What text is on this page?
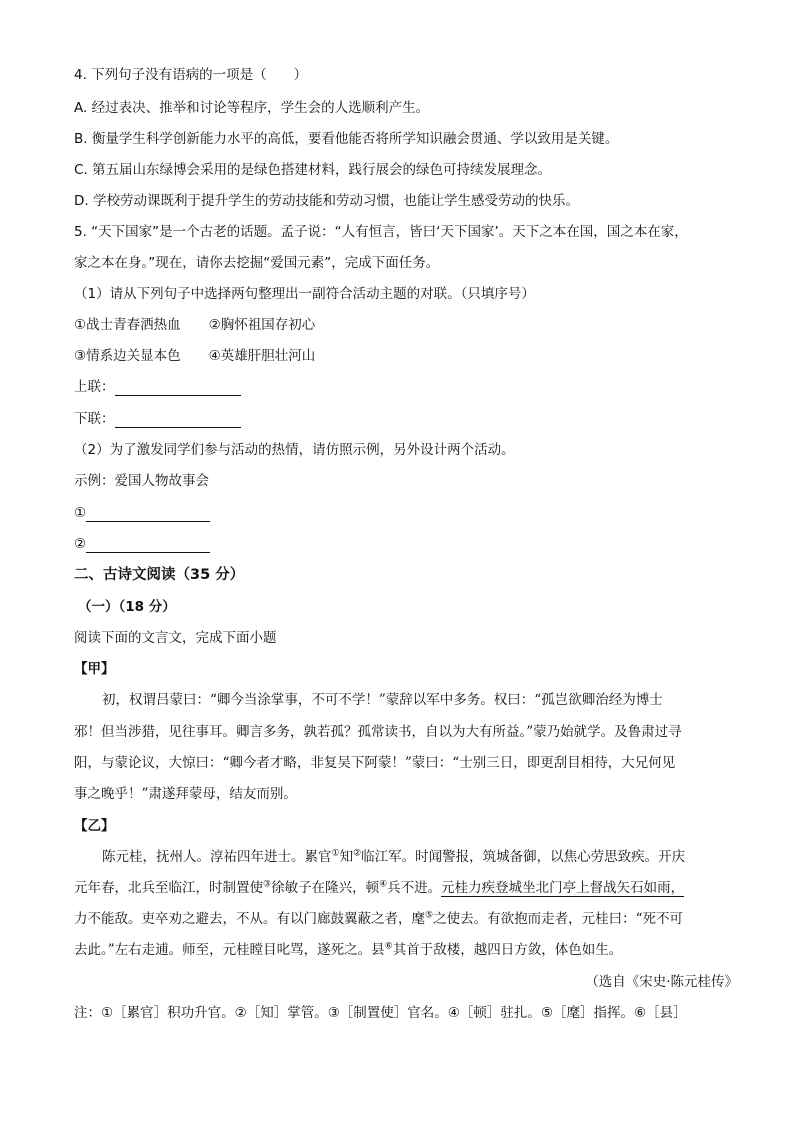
4. 下列句子没有语病的一项是（　　）
A. 经过表决、推举和讨论等程序，学生会的人选顺利产生。
B. 衡量学生科学创新能力水平的高低，要看他能否将所学知识融会贯通、学以致用是关键。
C. 第五届山东绿博会采用的是绿色搭建材料，践行展会的绿色可持续发展理念。
D. 学校劳动课既利于提升学生的劳动技能和劳动习惯，也能让学生感受劳动的快乐。
5. “天下国家”是一个古老的话题。孟子说：“人有恒言，皆曰‘天下国家’。天下之本在国，国之本在家，
家之本在身。”现在，请你去挖掘“爱国元素”，完成下面任务。
（1）请从下列句子中选择两句整理出一副符合活动主题的对联。（只填序号）
①战士青春洒热血 ②胸怀祖国存初心
③情系边关显本色 ④英雄肝胆壮河山
上联：
下联：
（2）为了激发同学们参与活动的热情，请仿照示例，另外设计两个活动。
示例：爱国人物故事会
①
②
二、古诗文阅读（35 分）
（一）（18 分）
阅读下面的文言文，完成下面小题
【甲】
初，权谓吕蒙曰：“卿今当涂掌事，不可不学！”蒙辞以军中多务。权曰：“孤岂欲卿治经为博士
邪！但当涉猎，见往事耳。卿言多务，孰若孤？孤常读书，自以为大有所益。”蒙乃始就学。及鲁肃过寻
阳，与蒙论议，大惊曰：“卿今者才略，非复吴下阿蒙！”蒙曰：“士别三日，即更刮目相待，大兄何见
事之晚乎！”肃遂拜蒙母，结友而别。
【乙】
陈元桂，抚州人。淳祐四年进士。累官①知②临江军。时闻警报，筑城备御，以焦心劳思致疾。开庆
元年春，北兵至临江，时制置使③徐敏子在隆兴，顿④兵不进。元桂力疾登城坐北门亭上督战矢石如雨，
力不能敌。吏卒劝之避去，不从。有以门廊鼓翼蔽之者，麾⑤之使去。有欲抱而走者，元桂曰：“死不可
去此。”左右走逋。师至，元桂瞠目叱骂，遂死之。县⑥其首于敌楼，越四日方敛，体色如生。
（选自《宋史·陈元桂传》
注：①［累官］积功升官。②［知］掌管。③［制置使］官名。④［顿］驻扎。⑤［麾］指挥。⑥［县］
